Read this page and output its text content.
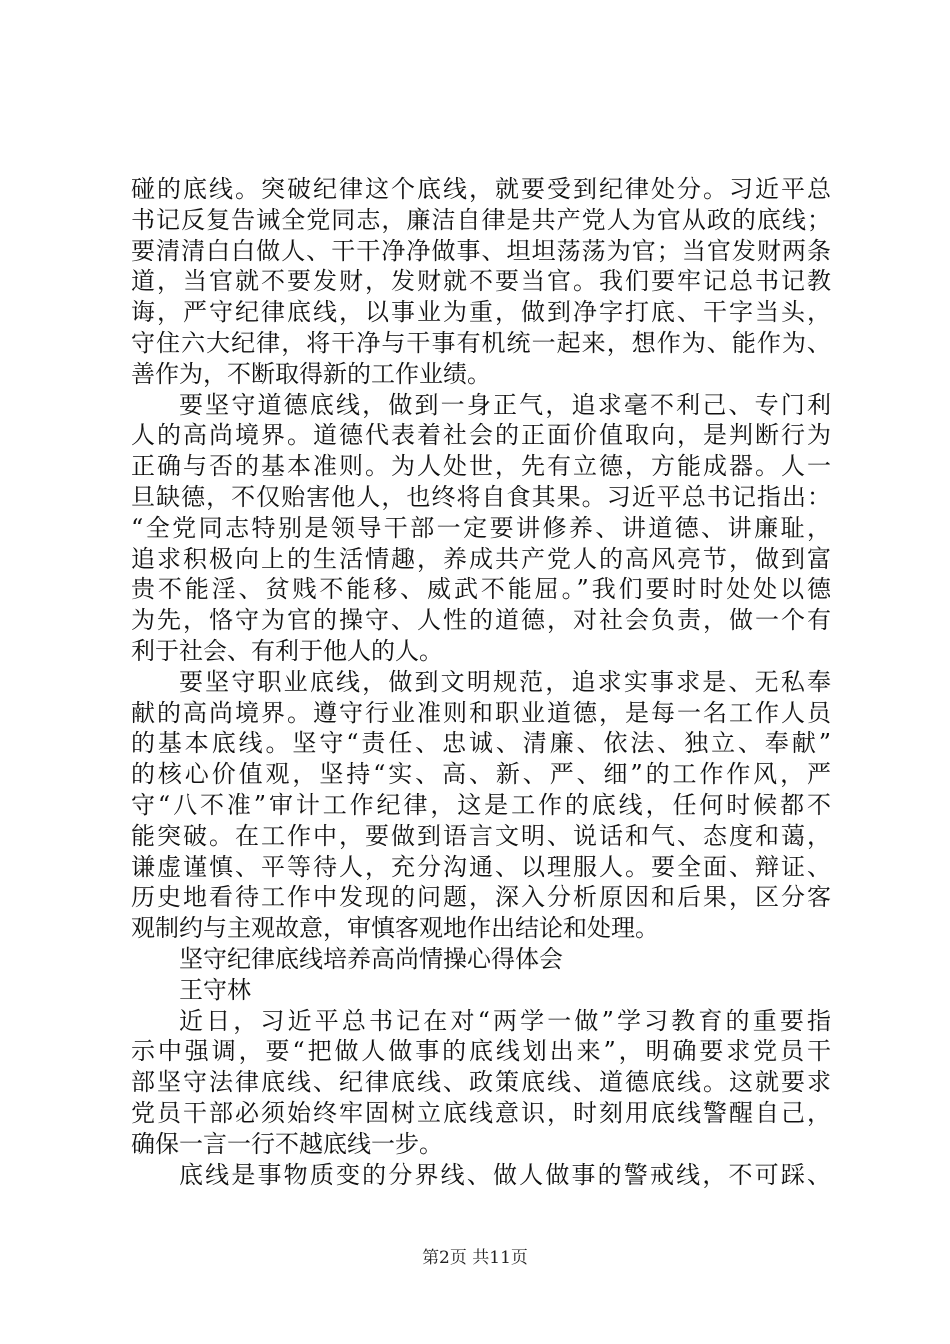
碰的底线。突破纪律这个底线，就要受到纪律处分。习近平总
书记反复告诫全党同志，廉洁自律是共产党人为官从政的底线；
要清清白白做人、干干净净做事、坦坦荡荡为官；当官发财两条
道，当官就不要发财，发财就不要当官。我们要牢记总书记教
诲，严守纪律底线，以事业为重，做到净字打底、干字当头，
守住六大纪律，将干净与干事有机统一起来，想作为、能作为、
善作为，不断取得新的工作业绩。
要坚守道德底线，做到一身正气，追求毫不利己、专门利
人的高尚境界。道德代表着社会的正面价值取向，是判断行为
正确与否的基本准则。为人处世，先有立德，方能成器。人一
旦缺德，不仅贻害他人，也终将自食其果。习近平总书记指出：
“全党同志特别是领导干部一定要讲修养、讲道德、讲廉耻，
追求积极向上的生活情趣，养成共产党人的高风亮节，做到富
贵不能淫、贫贱不能移、威武不能屈。”我们要时时处处以德
为先，恪守为官的操守、人性的道德，对社会负责，做一个有
利于社会、有利于他人的人。
要坚守职业底线，做到文明规范，追求实事求是、无私奉
献的高尚境界。遵守行业准则和职业道德，是每一名工作人员
的基本底线。坚守“责任、忠诚、清廉、依法、独立、奉献”
的核心价值观，坚持“实、高、新、严、细”的工作作风，严
守“八不准”审计工作纪律，这是工作的底线，任何时候都不
能突破。在工作中，要做到语言文明、说话和气、态度和蔼，
谦虚谨慎、平等待人，充分沟通、以理服人。要全面、辩证、
历史地看待工作中发现的问题，深入分析原因和后果，区分客
观制约与主观故意，审慎客观地作出结论和处理。
坚守纪律底线培养高尚情操心得体会
王守林
近日，习近平总书记在对“两学一做”学习教育的重要指
示中强调，要“把做人做事的底线划出来”，明确要求党员干
部坚守法律底线、纪律底线、政策底线、道德底线。这就要求
党员干部必须始终牢固树立底线意识，时刻用底线警醒自己，
确保一言一行不越底线一步。
底线是事物质变的分界线、做人做事的警戒线，不可踩、
第2页 共11页
